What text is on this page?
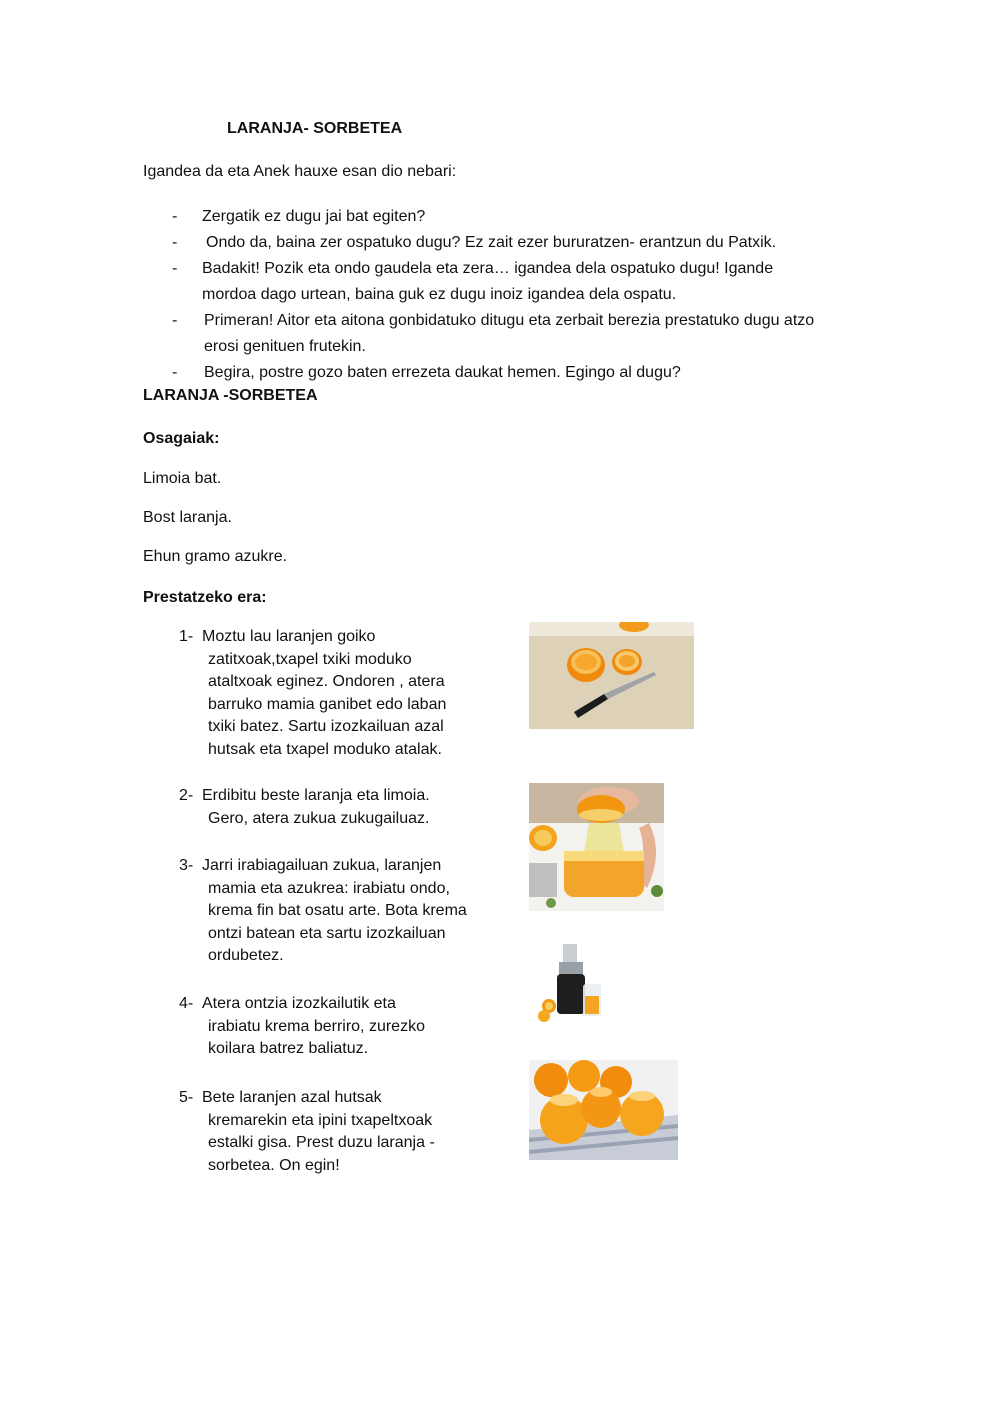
LARANJA- SORBETEA
Igandea da eta Anek hauxe esan dio nebari:
-	Zergatik ez dugu jai bat egiten?
-	Ondo da, baina zer ospatuko dugu? Ez zait ezer bururatzen- erantzun du Patxik.
-	Badakit! Pozik eta ondo gaudela eta zera… igandea dela ospatuko dugu! Igande mordoa dago urtean, baina guk ez dugu inoiz igandea dela ospatu.
-	Primeran! Aitor eta aitona gonbidatuko ditugu eta zerbait berezia prestatuko dugu atzo erosi genituen frutekin.
-	Begira, postre gozo baten errezeta daukat hemen. Egingo al dugu?
LARANJA -SORBETEA
Osagaiak:
Limoia bat.
Bost laranja.
Ehun gramo azukre.
Prestatzeko era:
1- Moztu lau laranjen goiko
zatitxoak,txapel txiki moduko ataltxoak eginez. Ondoren , atera barruko mamia ganibet edo laban txiki batez. Sartu izozkailuan azal hutsak eta txapel moduko atalak.
2- Erdibitu beste laranja eta limoia.
Gero, atera zukua zukugailuaz.
3- Jarri irabiagailuan zukua, laranjen
mamia eta azukrea: irabiatu ondo, krema fin bat osatu arte. Bota krema ontzi batean eta sartu izozkailuan ordubetez.
4- Atera ontzia izozkailutik eta
irabiatu krema berriro, zurezko koilara batrez baliatuz.
5- Bete laranjen azal hutsak
kremarekin eta ipini txapeltxoak estalki gisa. Prest duzu laranja - sorbetea. On egin!
